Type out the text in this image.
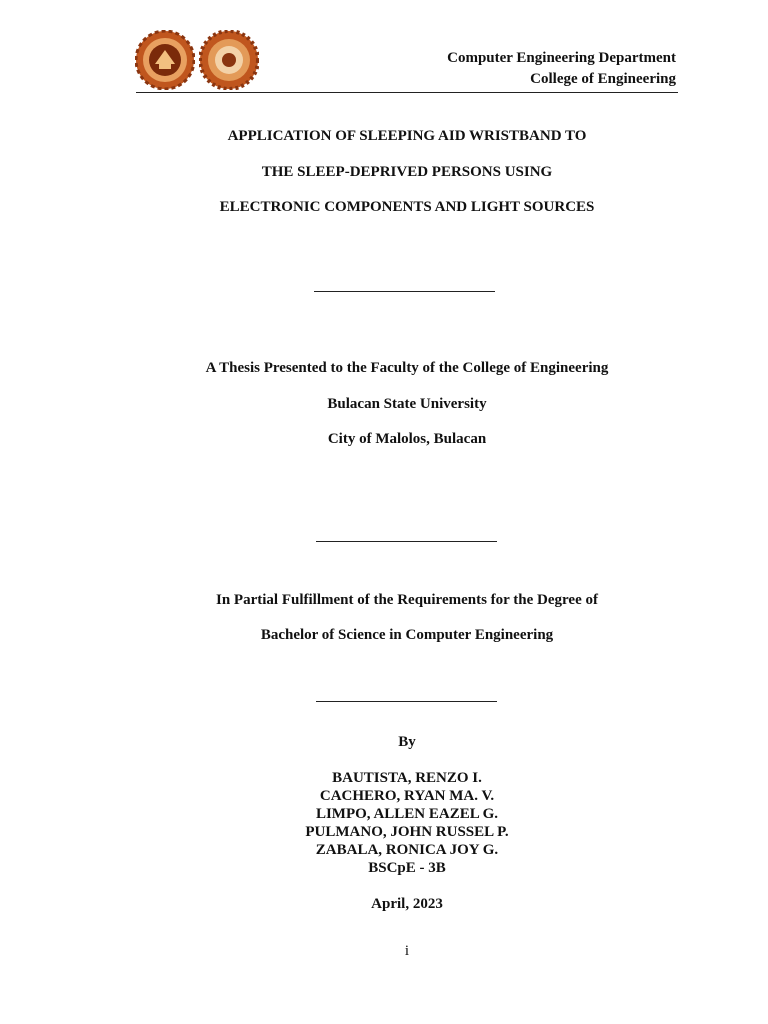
Computer Engineering Department
College of Engineering
APPLICATION OF SLEEPING AID WRISTBAND TO
THE SLEEP-DEPRIVED PERSONS USING
ELECTRONIC COMPONENTS AND LIGHT SOURCES
A Thesis Presented to the Faculty of the College of Engineering
Bulacan State University
City of Malolos, Bulacan
In Partial Fulfillment of the Requirements for the Degree of
Bachelor of Science in Computer Engineering
By
BAUTISTA, RENZO I.
CACHERO, RYAN MA. V.
LIMPO, ALLEN EAZEL G.
PULMANO, JOHN RUSSEL P.
ZABALA, RONICA JOY G.
BSCpE - 3B
April, 2023
i
